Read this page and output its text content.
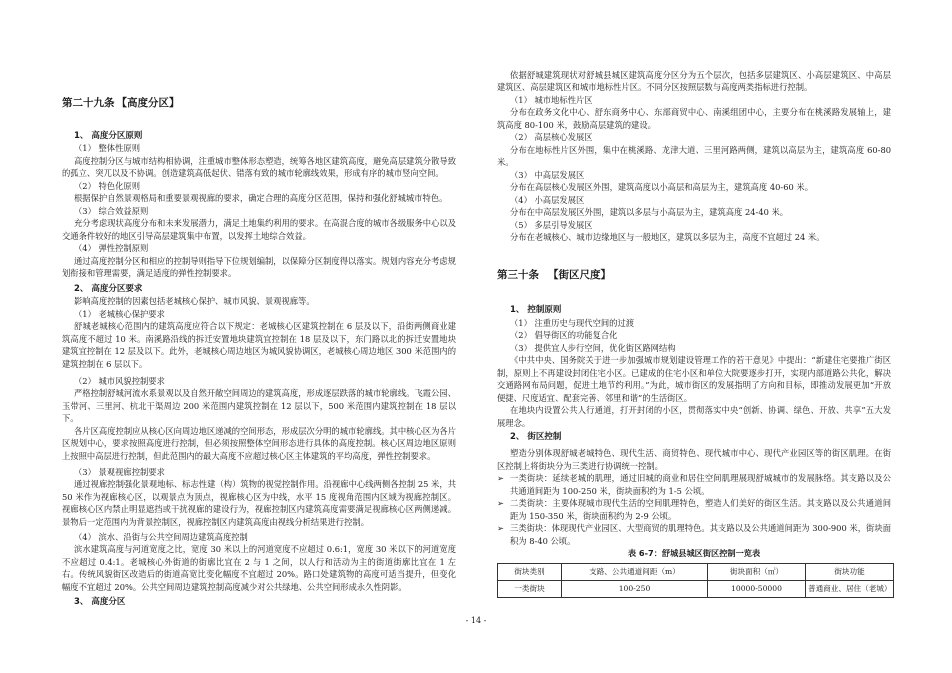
第二十九条 【高度分区】
1、 高度分区原则
（1） 整体性原则

高度控制分区与城市结构相协调，注重城市整体形态塑造，统筹各地区建筑高度，避免高层建筑分散导致的孤立、突兀以及不协调。创造建筑高低起伏、错落有致的城市轮廓线效果，形成有序的城市竖向空间。

（2） 特色化原则

根据保护自然景观格局和重要景观视廊的要求，确定合理的高度分区范围，保持和强化舒城城市特色。

（3） 综合效益原则

充分考虑现状高度分布和未来发展潜力，满足土地集约利用的要求。在高混合度的城市各级服务中心以及交通条件较好的地区引导高层建筑集中布置，以发挥土地综合效益。

（4） 弹性控制原则

通过高度控制分区和相应的控制导则指导下位规划编制，以保障分区制度得以落实。规划内容充分考虑规划衔接和管理需要，满足适度的弹性控制要求。

2、 高度分区要求

影响高度控制的因素包括老城核心保护、城市风貌、景观视廊等。

（1） 老城核心保护要求

舒城老城核心范围内的建筑高度应符合以下规定：老城核心区建筑控制在 6 层及以下，沿街两侧商业建筑高度不超过 10 米。南溪路沿线的拆迁安置地块建筑宜控制在 18 层及以下，东门路以北的拆迁安置地块建筑宜控制在 12 层及以下。此外，老城核心周边地区为城风貌协调区，老城核心周边地区 300 米范围内的建筑控制在 6 层以下。

（2） 城市风貌控制要求

严格控制舒城河流水系景观以及自然开敞空间周边的建筑高度，形成逐层跌落的城市轮廓线。飞霞公园、玉带河、三里河、杭北干渠周边 200 米范围内建筑控制在 12 层以下，500 米范围内建筑控制在 18 层以下。

各片区高度控制应从核心区向周边地区递减的空间形态，形成层次分明的城市轮廓线。其中核心区为各片区规划中心，要求按照高度进行控制，但必须按照整体空间形态进行具体的高度控制。核心区周边地区原则上按照中高层进行控制，但此范围内的最大高度不应超过核心区主体建筑的平均高度，弹性控制要求。

（3） 景观视廊控制要求

通过视廊控制强化景观地标、标志性建（构）筑物的视觉控制作用。沿视廊中心线两侧各控制 25 米，共 50 米作为视廊核心区，以观景点为顶点，视廊核心区为中线，水平 15 度视角范围内区域为视廊控制区。视廊核心区内禁止明显遮挡或干扰视廊的建设行为，视廊控制区内建筑高度需要满足视廊核心区两侧递减。景物后一定范围内为背景控制区，视廊控制区内建筑高度由视线分析结果进行控制。

（4） 滨水、沿街与公共空间周边建筑高度控制

滨水建筑高度与河道宽度之比，宽度 30 米以上的河道宽度不应超过 0.6:1，宽度 30 米以下的河道宽度不应超过 0.4:1。老城核心外街道的街廓比宜在 2 与 1 之间，以人行和活动为主的街道街廓比宜在 1 左右。传统风貌街区改造后的街道高宽比变化幅度不宜超过 20%。路口处建筑物的高度可适当提升，但变化幅度不宜超过 20%。公共空间周边建筑控制高度减少对公共绿地、公共空间形成永久性阴影。

3、 高度分区

依据舒城建筑现状对舒城县城区建筑高度分区分为五个层次，包括多层建筑区、小高层建筑区、中高层建筑区、高层建筑区和城市地标性片区。不同分区按照层数与高度两类指标进行控制。

（1） 城市地标性片区

分布在政务文化中心、舒东商务中心、东部商贸中心、南溪组团中心，主要分布在桃溪路发展轴上，建筑高度 80-100 米，鼓励高层建筑的建设。

（2） 高层核心发展区

分布在地标性片区外围，集中在桃溪路、龙津大道、三里河路两侧，建筑以高层为主，建筑高度 60-80 米。

（3） 中高层发展区

分布在高层核心发展区外围，建筑高度以小高层和高层为主，建筑高度 40-60 米。

（4） 小高层发展区

分布在中高层发展区外围，建筑以多层与小高层为主，建筑高度 24-40 米。

（5） 多层引导发展区

分布在老城核心、城市边缘地区与一般地区，建筑以多层为主，高度不宜超过 24 米。

第三十条 【街区尺度】
1、 控制原则
（1） 注重历史与现代空间的过渡
（2） 倡导街区的功能复合化
（3） 提供宜人步行空间，优化街区路网结构

《中共中央、国务院关于进一步加强城市规划建设管理工作的若干意见》中提出：“新建住宅要推广街区制，原则上不再建设封闭住宅小区。已建成的住宅小区和单位大院要逐步打开，实现内部道路公共化，解决交通路网布局问题，促进土地节约利用。”为此，城市街区的发展指明了方向和目标，即推动发展更加“开放便捷、尺度适宜、配套完善、邻里和谐”的生活街区。

在地块内设置公共人行通道，打开封闭的小区，贯彻落实中央“创新、协调、绿色、开放、共享”五大发展理念。

2、 街区控制

塑造分别体现舒城老城特色、现代生活、商贸特色、现代城市中心、现代产业园区等的街区肌理。在街区控制上将街块分为三类进行协调统一控制。

➢
一类街块：延续老城的肌理，通过旧城的商业和居住空间肌理展现舒城城市的发展脉络。其支路以及公共通道间距为 100-250 米，街块面积约为 1-5 公顷。
➢
二类街块：主要体现城市现代生活的空间肌理特色，塑造人们美好的街区生活。其支路以及公共通道间距为 150-350 米，街块面积约为 2-9 公顷。
➢
三类街块：体现现代产业园区、大型商贸的肌理特色。其支路以及公共通道间距为 300-900 米，街块面积为 8-40 公顷。
表 6-7：舒城县城区街区控制一览表
街块类别	支路、公共通道间距（m）	街块面积（㎡）	街块功能
一类街块	100-250	10000-50000	普通商业、居住（老城）
- 14 -
